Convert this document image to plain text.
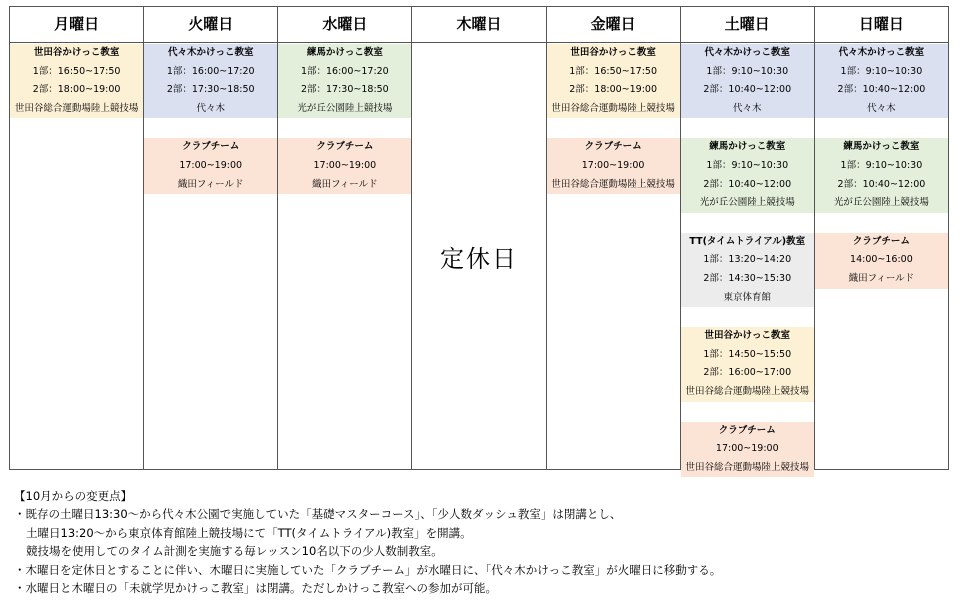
月曜日
世田谷かけっこ教室
1部：16:50~17:50
2部：18:00~19:00
世田谷総合運動場陸上競技場
火曜日
代々木かけっこ教室
1部：16:00~17:20
2部：17:30~18:50
代々木
クラブチーム
17:00~19:00
織田フィールド
水曜日
練馬かけっこ教室
1部：16:00~17:20
2部：17:30~18:50
光が丘公園陸上競技場
クラブチーム
17:00~19:00
織田フィールド
木曜日
定休日
金曜日
世田谷かけっこ教室
1部：16:50~17:50
2部：18:00~19:00
世田谷総合運動場陸上競技場
クラブチーム
17:00~19:00
世田谷総合運動場陸上競技場
土曜日
代々木かけっこ教室
1部：9:10~10:30
2部：10:40~12:00
代々木
練馬かけっこ教室
1部：9:10~10:30
2部：10:40~12:00
光が丘公園陸上競技場
TT(タイムトライアル)教室
1部：13:20~14:20
2部：14:30~15:30
東京体育館
世田谷かけっこ教室
1部：14:50~15:50
2部：16:00~17:00
世田谷総合運動場陸上競技場
クラブチーム
17:00~19:00
世田谷総合運動場陸上競技場
日曜日
代々木かけっこ教室
1部：9:10~10:30
2部：10:40~12:00
代々木
練馬かけっこ教室
1部：9:10~10:30
2部：10:40~12:00
光が丘公園陸上競技場
クラブチーム
14:00~16:00
織田フィールド
【10月からの変更点】
・既存の土曜日13:30～から代々木公園で実施していた「基礎マスターコース」、「少人数ダッシュ教室」は閉講とし、
土曜日13:20～から東京体育館陸上競技場にて「TT(タイムトライアル)教室」を開講。
競技場を使用してのタイム計測を実施する毎レッスン10名以下の少人数制教室。
・木曜日を定休日とすることに伴い、木曜日に実施していた「クラブチーム」が水曜日に、「代々木かけっこ教室」が火曜日に移動する。
・水曜日と木曜日の「未就学児かけっこ教室」は閉講。ただしかけっこ教室への参加が可能。
